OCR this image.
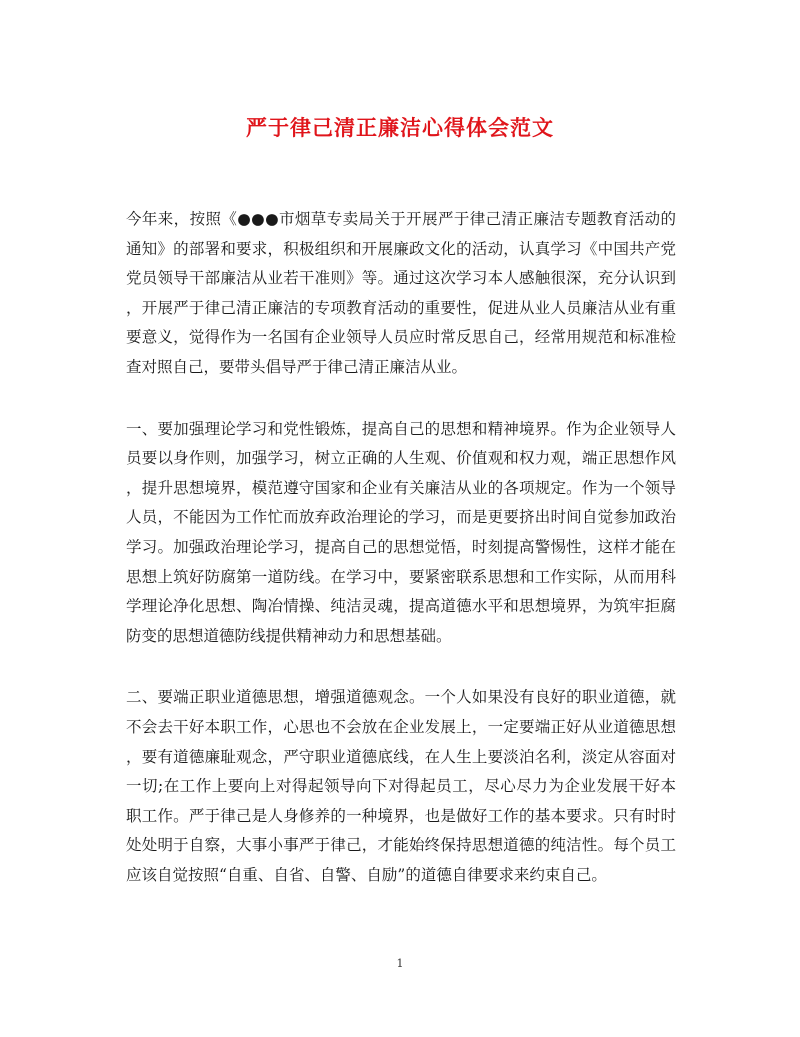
严于律己清正廉洁心得体会范文
今年来，按照《●●●市烟草专卖局关于开展严于律己清正廉洁专题教育活动的
通知》的部署和要求，积极组织和开展廉政文化的活动，认真学习《中国共产党
党员领导干部廉洁从业若干准则》等。通过这次学习本人感触很深，充分认识到
，开展严于律己清正廉洁的专项教育活动的重要性，促进从业人员廉洁从业有重
要意义，觉得作为一名国有企业领导人员应时常反思自己，经常用规范和标准检
查对照自己，要带头倡导严于律己清正廉洁从业。
一、要加强理论学习和党性锻炼，提高自己的思想和精神境界。作为企业领导人
员要以身作则，加强学习，树立正确的人生观、价值观和权力观，端正思想作风
，提升思想境界，模范遵守国家和企业有关廉洁从业的各项规定。作为一个领导
人员，不能因为工作忙而放弃政治理论的学习，而是更要挤出时间自觉参加政治
学习。加强政治理论学习，提高自己的思想觉悟，时刻提高警惕性，这样才能在
思想上筑好防腐第一道防线。在学习中，要紧密联系思想和工作实际，从而用科
学理论净化思想、陶冶情操、纯洁灵魂，提高道德水平和思想境界，为筑牢拒腐
防变的思想道德防线提供精神动力和思想基础。
二、要端正职业道德思想，增强道德观念。一个人如果没有良好的职业道德，就
不会去干好本职工作，心思也不会放在企业发展上，一定要端正好从业道德思想
，要有道德廉耻观念，严守职业道德底线，在人生上要淡泊名利，淡定从容面对
一切;在工作上要向上对得起领导向下对得起员工，尽心尽力为企业发展干好本
职工作。严于律己是人身修养的一种境界，也是做好工作的基本要求。只有时时
处处明于自察，大事小事严于律己，才能始终保持思想道德的纯洁性。每个员工
应该自觉按照“自重、自省、自警、自励”的道德自律要求来约束自己。
1
